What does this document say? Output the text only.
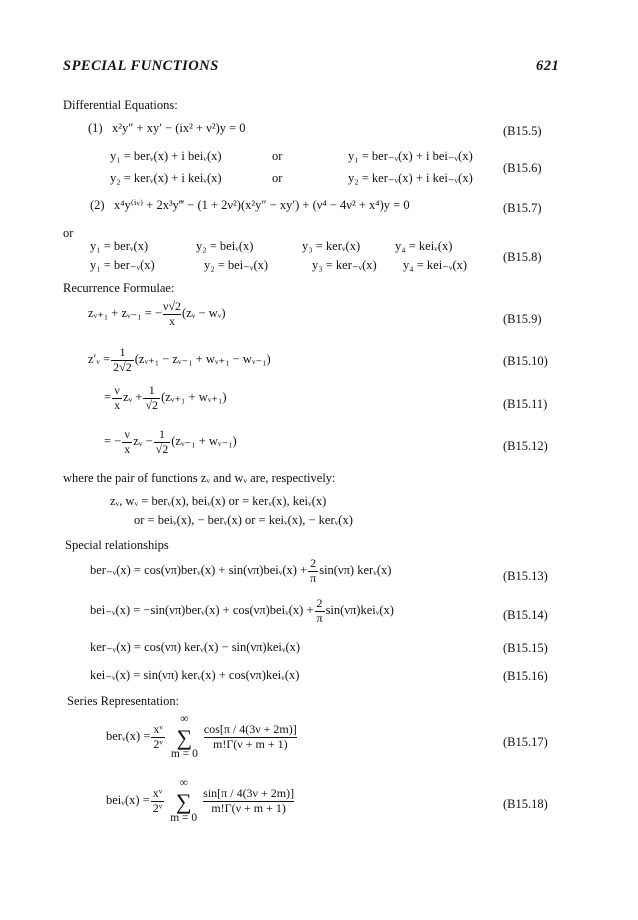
SPECIAL FUNCTIONS	621
Differential Equations:
(1) x²y″ + xy′ − (ix² + ν²)y = 0	(B15.5)
y₁ = berᵥ(x) + i beiᵥ(x)	or	y₁ = ber₋ᵥ(x) + i bei₋ᵥ(x)
y₂ = kerᵥ(x) + i keiᵥ(x)	or	y₂ = ker₋ᵥ(x) + i kei₋ᵥ(x)
(B15.6)
(2) x⁴y⁽ⁱᵛ⁾ + 2x³y‴ − (1 + 2ν²)(x²y″ − xy′) + (ν⁴ − 4ν² + x⁴)y = 0	(B15.7)
or
y₁ = berᵥ(x)	y₂ = beiᵥ(x)	y₃ = kerᵥ(x)	y₄ = keiᵥ(x)
y₁ = ber₋ᵥ(x)	y₂ = bei₋ᵥ(x)	y₃ = ker₋ᵥ(x) y₄ = kei₋ᵥ(x)
(B15.8)
Recurrence Formulae:
zᵥ₊₁ + zᵥ₋₁ = − $\frac{\nu√2}{x}$ (zᵥ − wᵥ)	(B15.9)
z′ᵥ = $\frac{1}{2√2}$ (zᵥ₊₁ − zᵥ₋₁ + wᵥ₊₁ − wᵥ₋₁)	(B15.10)
= $\frac{\nu}{x}$ zᵥ + $\frac{1}{√2}$ (zᵥ₊₁ + wᵥ₊₁)	(B15.11)
= − $\frac{\nu}{x}$ zᵥ − $\frac{1}{√2}$ (zᵥ₋₁ + wᵥ₋₁)	(B15.12)
where the pair of functions zᵥ and wᵥ are, respectively:
zᵥ, wᵥ = berᵥ(x), beiᵥ(x) or = kerᵥ(x), keiᵥ(x)
or = beiᵥ(x), − berᵥ(x) or = keiᵥ(x), − kerᵥ(x)
Special relationships
ber₋ᵥ(x) = cos(νπ)berᵥ(x) + sin(νπ)beiᵥ(x) + $\frac{2}{\pi} \sin(\nu\pi)$ kerᵥ(x)	(B15.13)
bei₋ᵥ(x) = −sin(νπ)berᵥ(x) + cos(νπ)beiᵥ(x) + $\frac{2}{\pi}$ sin(νπ)keiᵥ(x)	(B15.14)
ker₋ᵥ(x) = cos(νπ) kerᵥ(x) − sin(νπ)keiᵥ(x)	(B15.15)
kei₋ᵥ(x) = sin(νπ) kerᵥ(x) + cos(νπ)keiᵥ(x)	(B15.16)
Series Representation:
berᵥ(x) = $\frac{\text{xᵛ}}{\text{2ᵛ}}$
∞
∑
m = 0
$\frac{\cos[\pi / 4(3\nu + 2m)]}{m!\Gamma(\nu + m + 1)}$	(B15.17)
beiᵥ(x) = $\frac{\text{xᵛ}}{\text{2ᵛ}}$
∞
∑
m = 0
$\frac{\sin[\pi / 4(3\nu + 2m)]}{m!\Gamma(\nu + m + 1)}$	(B15.18)
